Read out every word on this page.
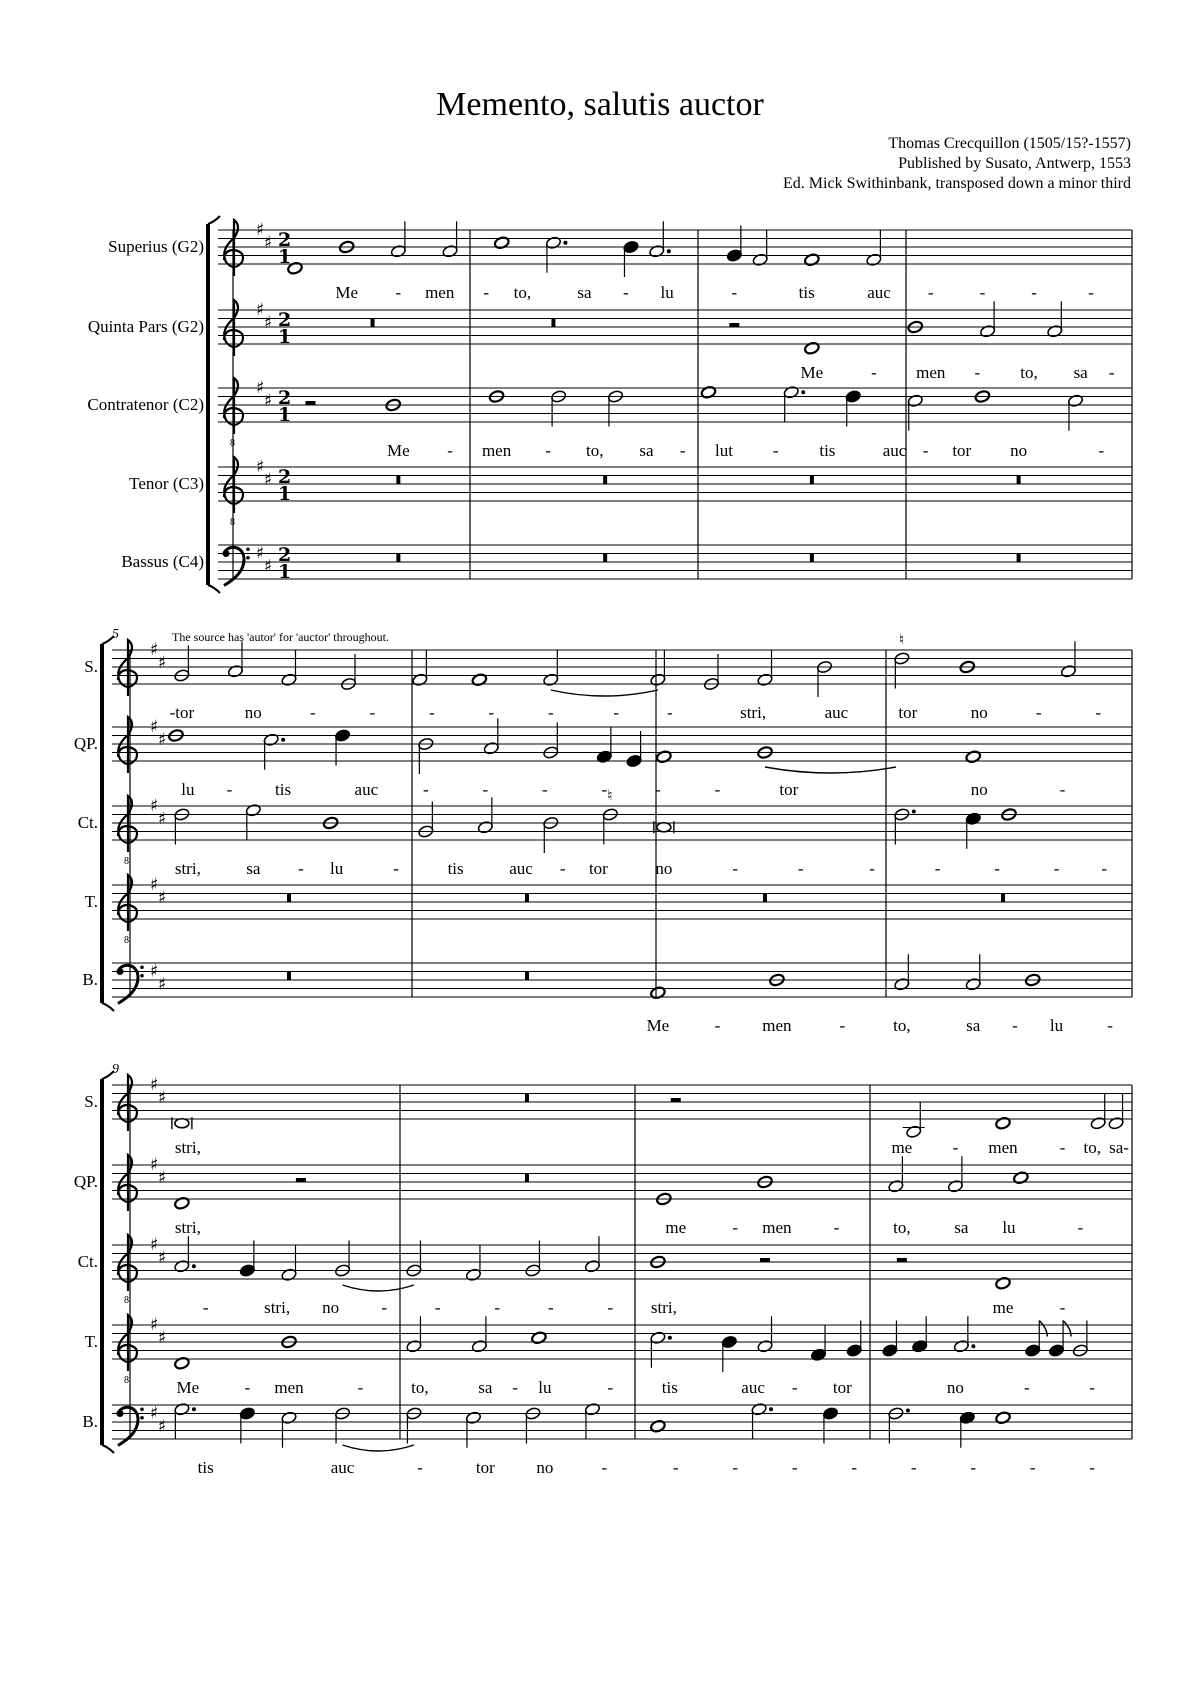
Memento, salutis auctor
Thomas Crecquillon (1505/15?-1557)
Published by Susato, Antwerp, 1553
Ed. Mick Swithinbank, transposed down a minor third
The source has 'autor' for 'auctor' throughout.
Superius (G2)
♯
♯ 2
1
Me - men - to,	sa - lu	-	tis	auc -	-	-	-
Quinta Pars (G2)
♯
♯ 2
1
Me	- men - to, sa -
Contratenor (C2)
8
♯
♯ 2
1
Me - men - to, sa - lut - tis	auc - tor no	-
Tenor (C3)
8
♯
♯ 2
1
Bassus (C4)	♯
♯
2
1
5
S.
♯
♯
♮
-tor	no	-	-	-	-	-	-	-	stri,	auc	tor	no	-	-
QP.
♯
♯
lu -	tis	auc	-	-	-	-	-	-	tor	no	-
Ct.
8
♯
♯
♮
stri,	sa - lu	-	tis	auc - tor	no	-	-	-	-	-	- -
T.
8
♯
♯
B.	♯
♯
Me	- men	-	to,	sa - lu	-
9
S.
♯
♯
stri,	me - men - to, sa-
QP.
♯
♯
stri,	me	- men -	to,	sa lu	-
Ct.
8
♯
♯
-	stri, no -	-	-	-	- stri,	me	-
T.
8
♯
♯
Me	- men	-	to,	sa - lu	-	tis	auc - tor	no	-	-
B.	♯
♯
tis	auc	-	tor no	-	-	-	-	-	-	-	-	-
